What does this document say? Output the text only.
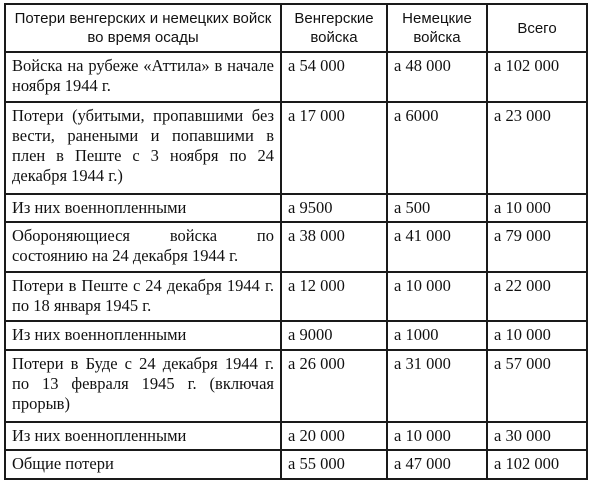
Потери венгерских и немецких войск во время осады	Венгерские войска	Немецкие войска	Всего
Войска на рубеже «Аттила» в начале ноября 1944 г.	а 54 000	а 48 000	а 102 000
Потери (убитыми, пропавшими без вести, ранеными и попавшими в плен в Пеште с 3 ноября по 24 декабря 1944 г.)	а 17 000	а 6000	а 23 000
Из них военнопленными	а 9500	а 500	а 10 000
Обороняющиеся войска по состоянию на 24 декабря 1944 г.	а 38 000	а 41 000	а 79 000
Потери в Пеште с 24 декабря 1944 г. по 18 января 1945 г.	а 12 000	а 10 000	а 22 000
Из них военнопленными	а 9000	а 1000	а 10 000
Потери в Буде с 24 декабря 1944 г. по 13 февраля 1945 г. (включая прорыв)	а 26 000	а 31 000	а 57 000
Из них военнопленными	а 20 000	а 10 000	а 30 000
Общие потери	а 55 000	а 47 000	а 102 000
